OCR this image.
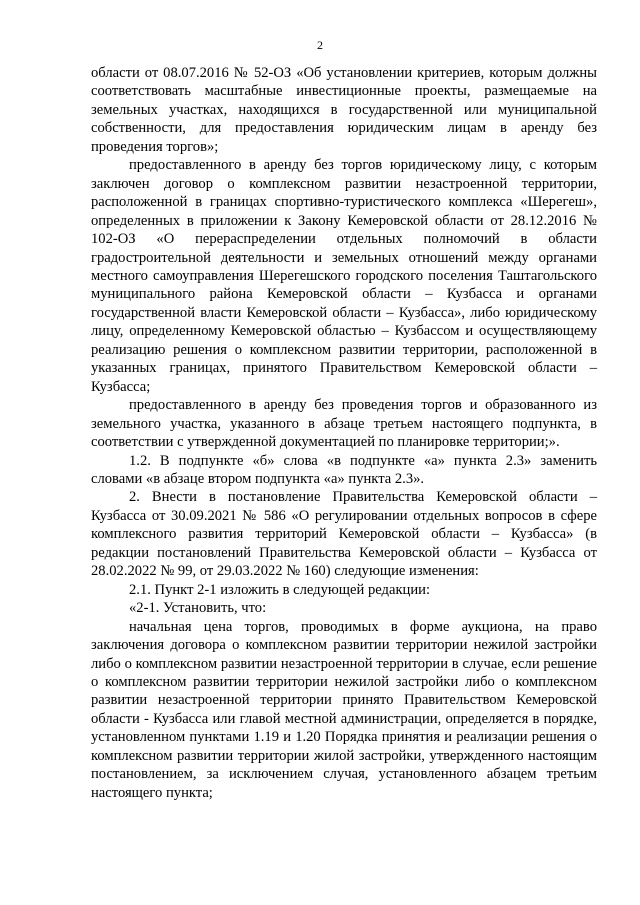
2

области от 08.07.2016 № 52-ОЗ «Об установлении критериев, которым должны соответствовать масштабные инвестиционные проекты, размещаемые на земельных участках, находящихся в государственной или муниципальной собственности, для предоставления юридическим лицам в аренду без проведения торгов»;

предоставленного в аренду без торгов юридическому лицу, с которым заключен договор о комплексном развитии незастроенной территории, расположенной в границах спортивно-туристического комплекса «Шерегеш», определенных в приложении к Закону Кемеровской области от 28.12.2016 № 102-ОЗ «О перераспределении отдельных полномочий в области градостроительной деятельности и земельных отношений между органами местного самоуправления Шерегешского городского поселения Таштагольского муниципального района Кемеровской области – Кузбасса и органами государственной власти Кемеровской области – Кузбасса», либо юридическому лицу, определенному Кемеровской областью – Кузбассом и осуществляющему реализацию решения о комплексном развитии территории, расположенной в указанных границах, принятого Правительством Кемеровской области – Кузбасса;

предоставленного в аренду без проведения торгов и образованного из земельного участка, указанного в абзаце третьем настоящего подпункта, в соответствии с утвержденной документацией по планировке территории;».

1.2. В подпункте «б» слова «в подпункте «а» пункта 2.3» заменить словами «в абзаце втором подпункта «а» пункта 2.3».

2. Внести в постановление Правительства Кемеровской области – Кузбасса от 30.09.2021 № 586 «О регулировании отдельных вопросов в сфере комплексного развития территорий Кемеровской области – Кузбасса» (в редакции постановлений Правительства Кемеровской области – Кузбасса от 28.02.2022 № 99, от 29.03.2022 № 160) следующие изменения:

2.1. Пункт 2-1 изложить в следующей редакции:

«2-1. Установить, что:

начальная цена торгов, проводимых в форме аукциона, на право заключения договора о комплексном развитии территории нежилой застройки либо о комплексном развитии незастроенной территории в случае, если решение о комплексном развитии территории нежилой застройки либо о комплексном развитии незастроенной территории принято Правительством Кемеровской области - Кузбасса или главой местной администрации, определяется в порядке, установленном пунктами 1.19 и 1.20 Порядка принятия и реализации решения о комплексном развитии территории жилой застройки, утвержденного настоящим постановлением, за исключением случая, установленного абзацем третьим настоящего пункта;
